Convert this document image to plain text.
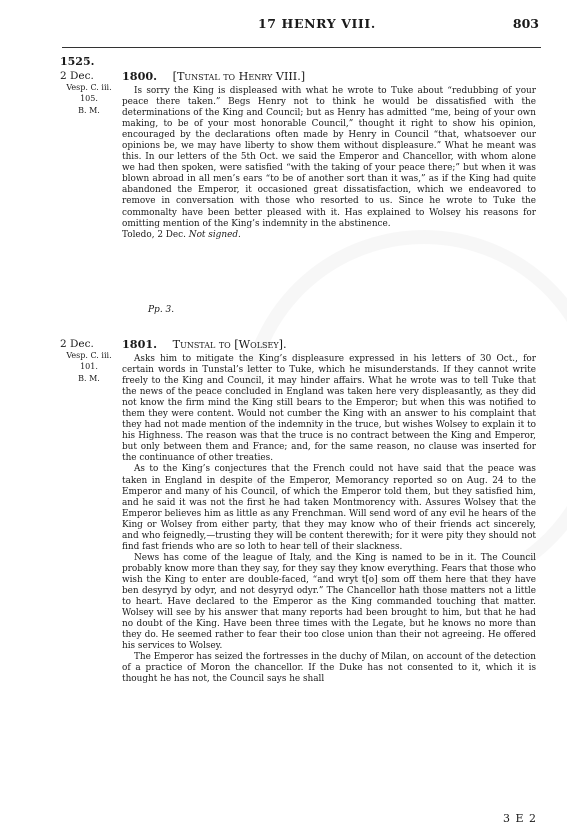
17 HENRY VIII.	803
1525.
2 Dec.
Vesp. C. iii.
105.
B. M.
1800. [Tunstal to Henry VIII.]

Is sorry the King is displeased with what he wrote to Tuke about “redubbing of your peace there taken.” Begs Henry not to think he would be dissatisfied with the determinations of the King and Council; but as Henry has admitted “me, being of your own making, to be of your most honorable Council,” thought it right to show his opinion, encouraged by the declarations often made by Henry in Council “that, whatsoever our opinions be, we may have liberty to show them without displeasure.” What he meant was this. In our letters of the 5th Oct. we said the Emperor and Chancellor, with whom alone we had then spoken, were satisfied “with the taking of your peace there;” but when it was blown abroad in all men’s ears “to be of another sort than it was,” as if the King had quite abandoned the Emperor, it occasioned great dissatisfaction, which we endeavored to remove in conversation with those who resorted to us. Since he wrote to Tuke the commonalty have been better pleased with it. Has explained to Wolsey his reasons for omitting mention of the King’s indemnity in the abstinence.

Toledo, 2 Dec. Not signed.

Pp. 3.
2 Dec.
Vesp. C. iii.
101.
B. M.
1801. Tunstal to [Wolsey].

Asks him to mitigate the King’s displeasure expressed in his letters of 30 Oct., for certain words in Tunstal’s letter to Tuke, which he misunderstands. If they cannot write freely to the King and Council, it may hinder affairs. What he wrote was to tell Tuke that the news of the peace concluded in England was taken here very displeasantly, as they did not know the firm mind the King still bears to the Emperor; but when this was notified to them they were content. Would not cumber the King with an answer to his complaint that they had not made mention of the indemnity in the truce, but wishes Wolsey to explain it to his Highness. The reason was that the truce is no contract between the King and Emperor, but only between them and France; and, for the same reason, no clause was inserted for the continuance of other treaties.

As to the King’s conjectures that the French could not have said that the peace was taken in England in despite of the Emperor, Memorancy reported so on Aug. 24 to the Emperor and many of his Council, of which the Emperor told them, but they satisfied him, and he said it was not the first he had taken Montmorency with. Assures Wolsey that the Emperor believes him as little as any Frenchman. Will send word of any evil he hears of the King or Wolsey from either party, that they may know who of their friends act sincerely, and who feignedly,—trusting they will be content therewith; for it were pity they should not find fast friends who are so loth to hear tell of their slackness.

News has come of the league of Italy, and the King is named to be in it. The Council probably know more than they say, for they say they know everything. Fears that those who wish the King to enter are double-faced, “and wryt t[o] som off them here that they have ben desyryd by odyr, and not desyryd odyr.” The Chancellor hath those matters not a little to heart. Have declared to the Emperor as the King commanded touching that matter. Wolsey will see by his answer that many reports had been brought to him, but that he had no doubt of the King. Have been three times with the Legate, but he knows no more than they do. He seemed rather to fear their too close union than their not agreeing. He offered his services to Wolsey.

The Emperor has seized the fortresses in the duchy of Milan, on account of the detection of a practice of Moron the chancellor. If the Duke has not consented to it, which it is thought he has not, the Council says he shall

3 E 2
